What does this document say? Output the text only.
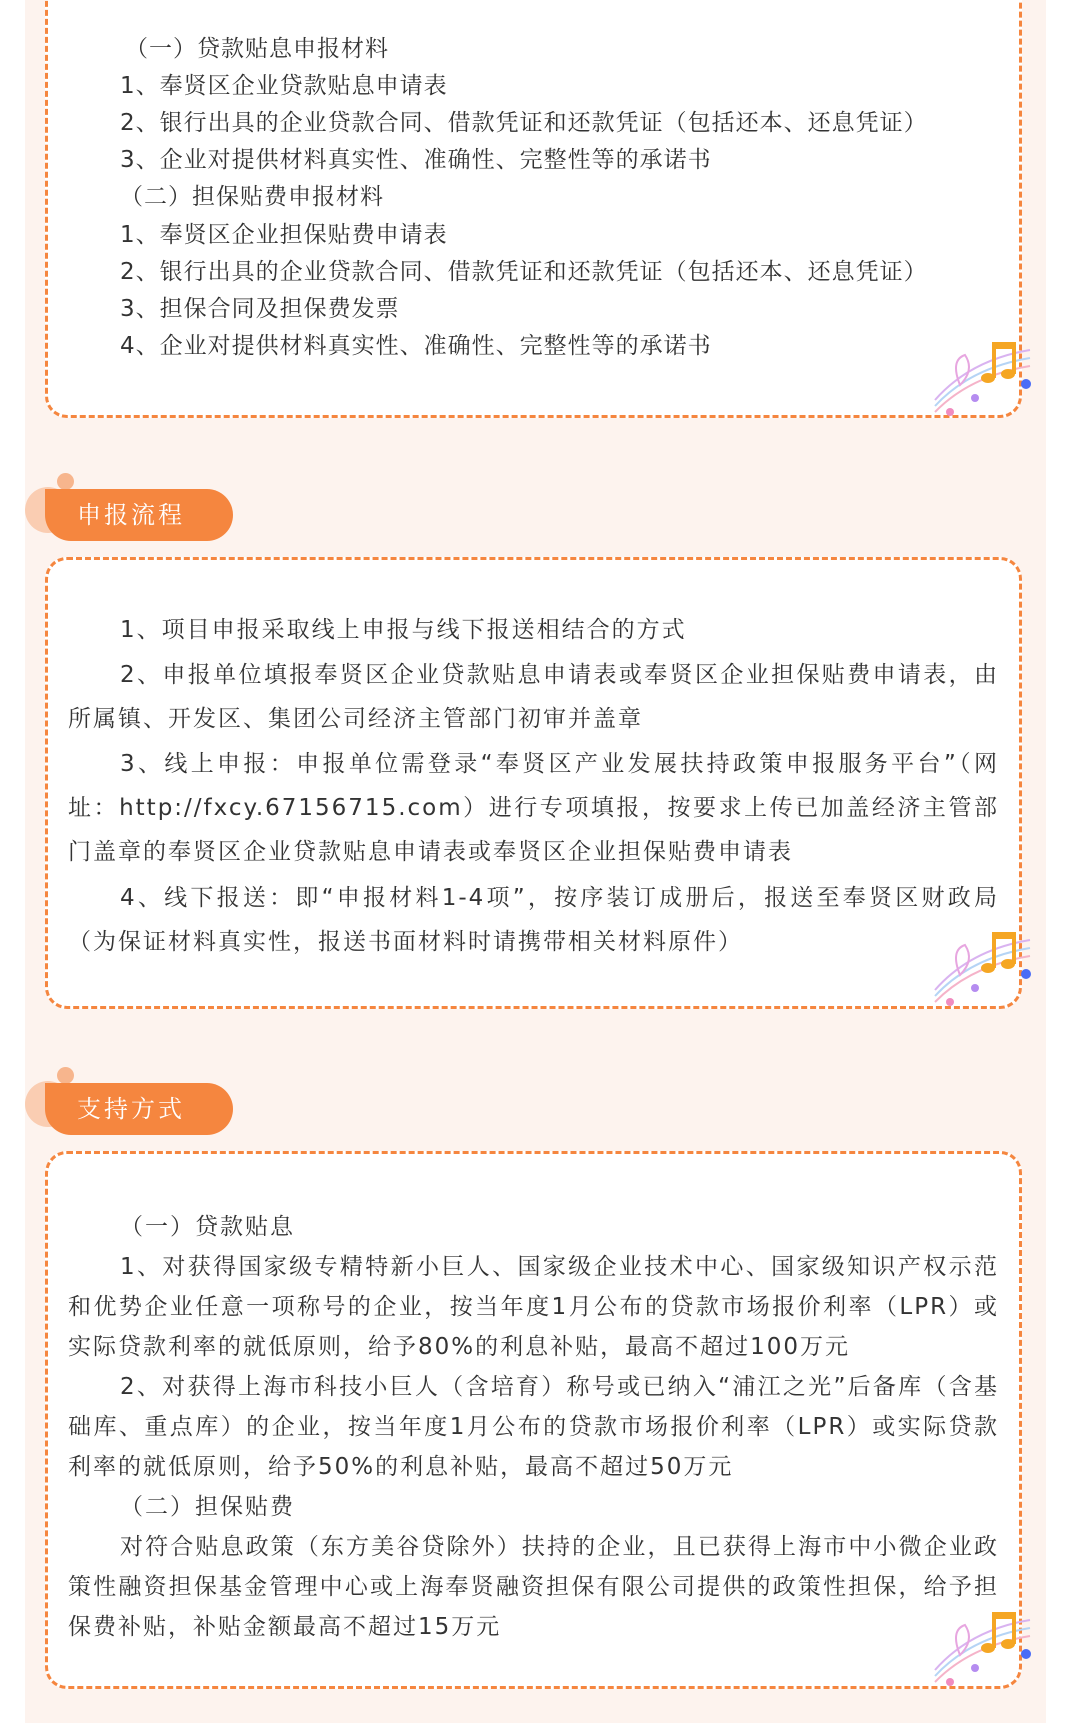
（一）贷款贴息申报材料
1、奉贤区企业贷款贴息申请表
2、银行出具的企业贷款合同、借款凭证和还款凭证（包括还本、还息凭证）
3、企业对提供材料真实性、准确性、完整性等的承诺书
（二）担保贴费申报材料
1、奉贤区企业担保贴费申请表
2、银行出具的企业贷款合同、借款凭证和还款凭证（包括还本、还息凭证）
3、担保合同及担保费发票
4、企业对提供材料真实性、准确性、完整性等的承诺书
申报流程
1、项目申报采取线上申报与线下报送相结合的方式
2、申报单位填报奉贤区企业贷款贴息申请表或奉贤区企业担保贴费申请表，由所属镇、开发区、集团公司经济主管部门初审并盖章
3、线上申报：申报单位需登录“奉贤区产业发展扶持政策申报服务平台”（网址：http://fxcy.67156715.com）进行专项填报，按要求上传已加盖经济主管部门盖章的奉贤区企业贷款贴息申请表或奉贤区企业担保贴费申请表
4、线下报送：即“申报材料1-4项”，按序装订成册后，报送至奉贤区财政局（为保证材料真实性，报送书面材料时请携带相关材料原件）
支持方式
（一）贷款贴息
1、对获得国家级专精特新小巨人、国家级企业技术中心、国家级知识产权示范和优势企业任意一项称号的企业，按当年度1月公布的贷款市场报价利率（LPR）或实际贷款利率的就低原则，给予80%的利息补贴，最高不超过100万元
2、对获得上海市科技小巨人（含培育）称号或已纳入“浦江之光”后备库（含基础库、重点库）的企业，按当年度1月公布的贷款市场报价利率（LPR）或实际贷款利率的就低原则，给予50%的利息补贴，最高不超过50万元
（二）担保贴费
对符合贴息政策（东方美谷贷除外）扶持的企业，且已获得上海市中小微企业政策性融资担保基金管理中心或上海奉贤融资担保有限公司提供的政策性担保，给予担保费补贴，补贴金额最高不超过15万元
